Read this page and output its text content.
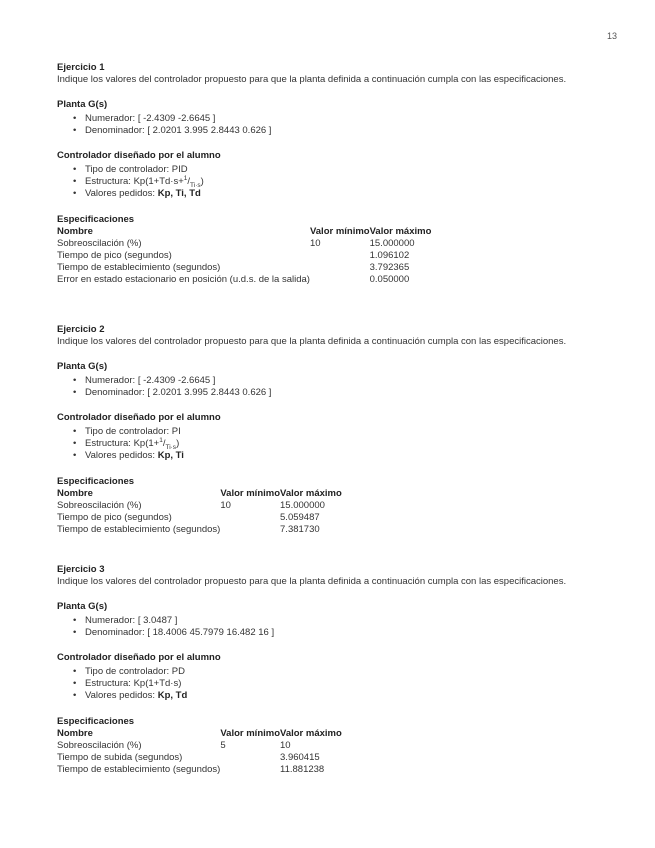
13

Ejercicio 1

Indique los valores del controlador propuesto para que la planta definida a continuación cumpla con las especificaciones.

Planta G(s)

• Numerador: [ -2.4309 -2.6645 ]
• Denominador: [ 2.0201 3.995 2.8443 0.626 ]

Controlador diseñado por el alumno

• Tipo de controlador: PID
• Estructura: $Kp(1+Td\cdot s+^1/_{Ti\cdot s})$
• Valores pedidos: Kp, Ti, Td

Especificaciones

Nombre	Valor mínimo	Valor máximo
Sobreoscilación (%)	10	15.000000
Tiempo de pico (segundos)		1.096102
Tiempo de establecimiento (segundos)		3.792365
Error en estado estacionario en posición (u.d.s. de la salida)		0.050000

Ejercicio 2

Indique los valores del controlador propuesto para que la planta definida a continuación cumpla con las especificaciones.

Planta G(s)

• Numerador: [ -2.4309 -2.6645 ]
• Denominador: [ 2.0201 3.995 2.8443 0.626 ]

Controlador diseñado por el alumno

• Tipo de controlador: PI
• Estructura: $Kp(1+^1/_{Ti\cdot s})$
• Valores pedidos: Kp, Ti

Especificaciones

Nombre	Valor mínimo	Valor máximo
Sobreoscilación (%)	10	15.000000
Tiempo de pico (segundos)		5.059487
Tiempo de establecimiento (segundos)		7.381730

Ejercicio 3

Indique los valores del controlador propuesto para que la planta definida a continuación cumpla con las especificaciones.

Planta G(s)

• Numerador: [ 3.0487 ]
• Denominador: [ 18.4006 45.7979 16.482 16 ]

Controlador diseñado por el alumno

• Tipo de controlador: PD
• Estructura: Kp(1+Td·s)
• Valores pedidos: Kp, Td

Especificaciones

Nombre	Valor mínimo	Valor máximo
Sobreoscilación (%)	5	10
Tiempo de subida (segundos)		3.960415
Tiempo de establecimiento (segundos)		11.881238
